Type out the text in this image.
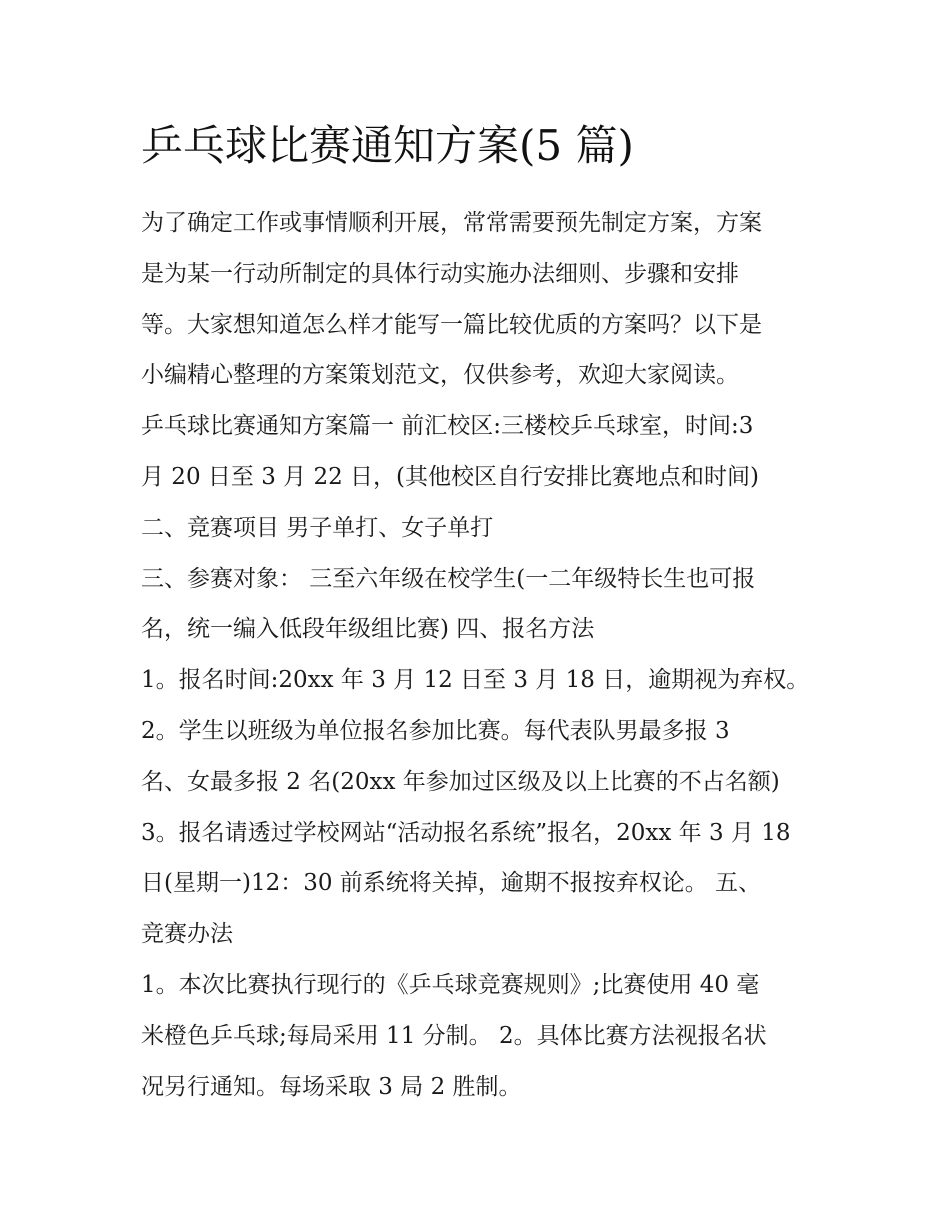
乒乓球比赛通知方案(5 篇)
为了确定工作或事情顺利开展，常常需要预先制定方案，方案
是为某一行动所制定的具体行动实施办法细则、步骤和安排
等。大家想知道怎么样才能写一篇比较优质的方案吗？以下是
小编精心整理的方案策划范文，仅供参考，欢迎大家阅读。
乒乓球比赛通知方案篇一 前汇校区:三楼校乒乓球室，时间:3
月 20 日至 3 月 22 日，(其他校区自行安排比赛地点和时间)
二、竞赛项目 男子单打、女子单打
三、参赛对象： 三至六年级在校学生(一二年级特长生也可报
名，统一编入低段年级组比赛) 四、报名方法
1。报名时间:20xx 年 3 月 12 日至 3 月 18 日，逾期视为弃权。
2。学生以班级为单位报名参加比赛。每代表队男最多报 3
名、女最多报 2 名(20xx 年参加过区级及以上比赛的不占名额)
3。报名请透过学校网站“活动报名系统”报名，20xx 年 3 月 18
日(星期一)12：30 前系统将关掉，逾期不报按弃权论。 五、
竞赛办法
1。本次比赛执行现行的《乒乓球竞赛规则》;比赛使用 40 毫
米橙色乒乓球;每局采用 11 分制。 2。具体比赛方法视报名状
况另行通知。每场采取 3 局 2 胜制。
